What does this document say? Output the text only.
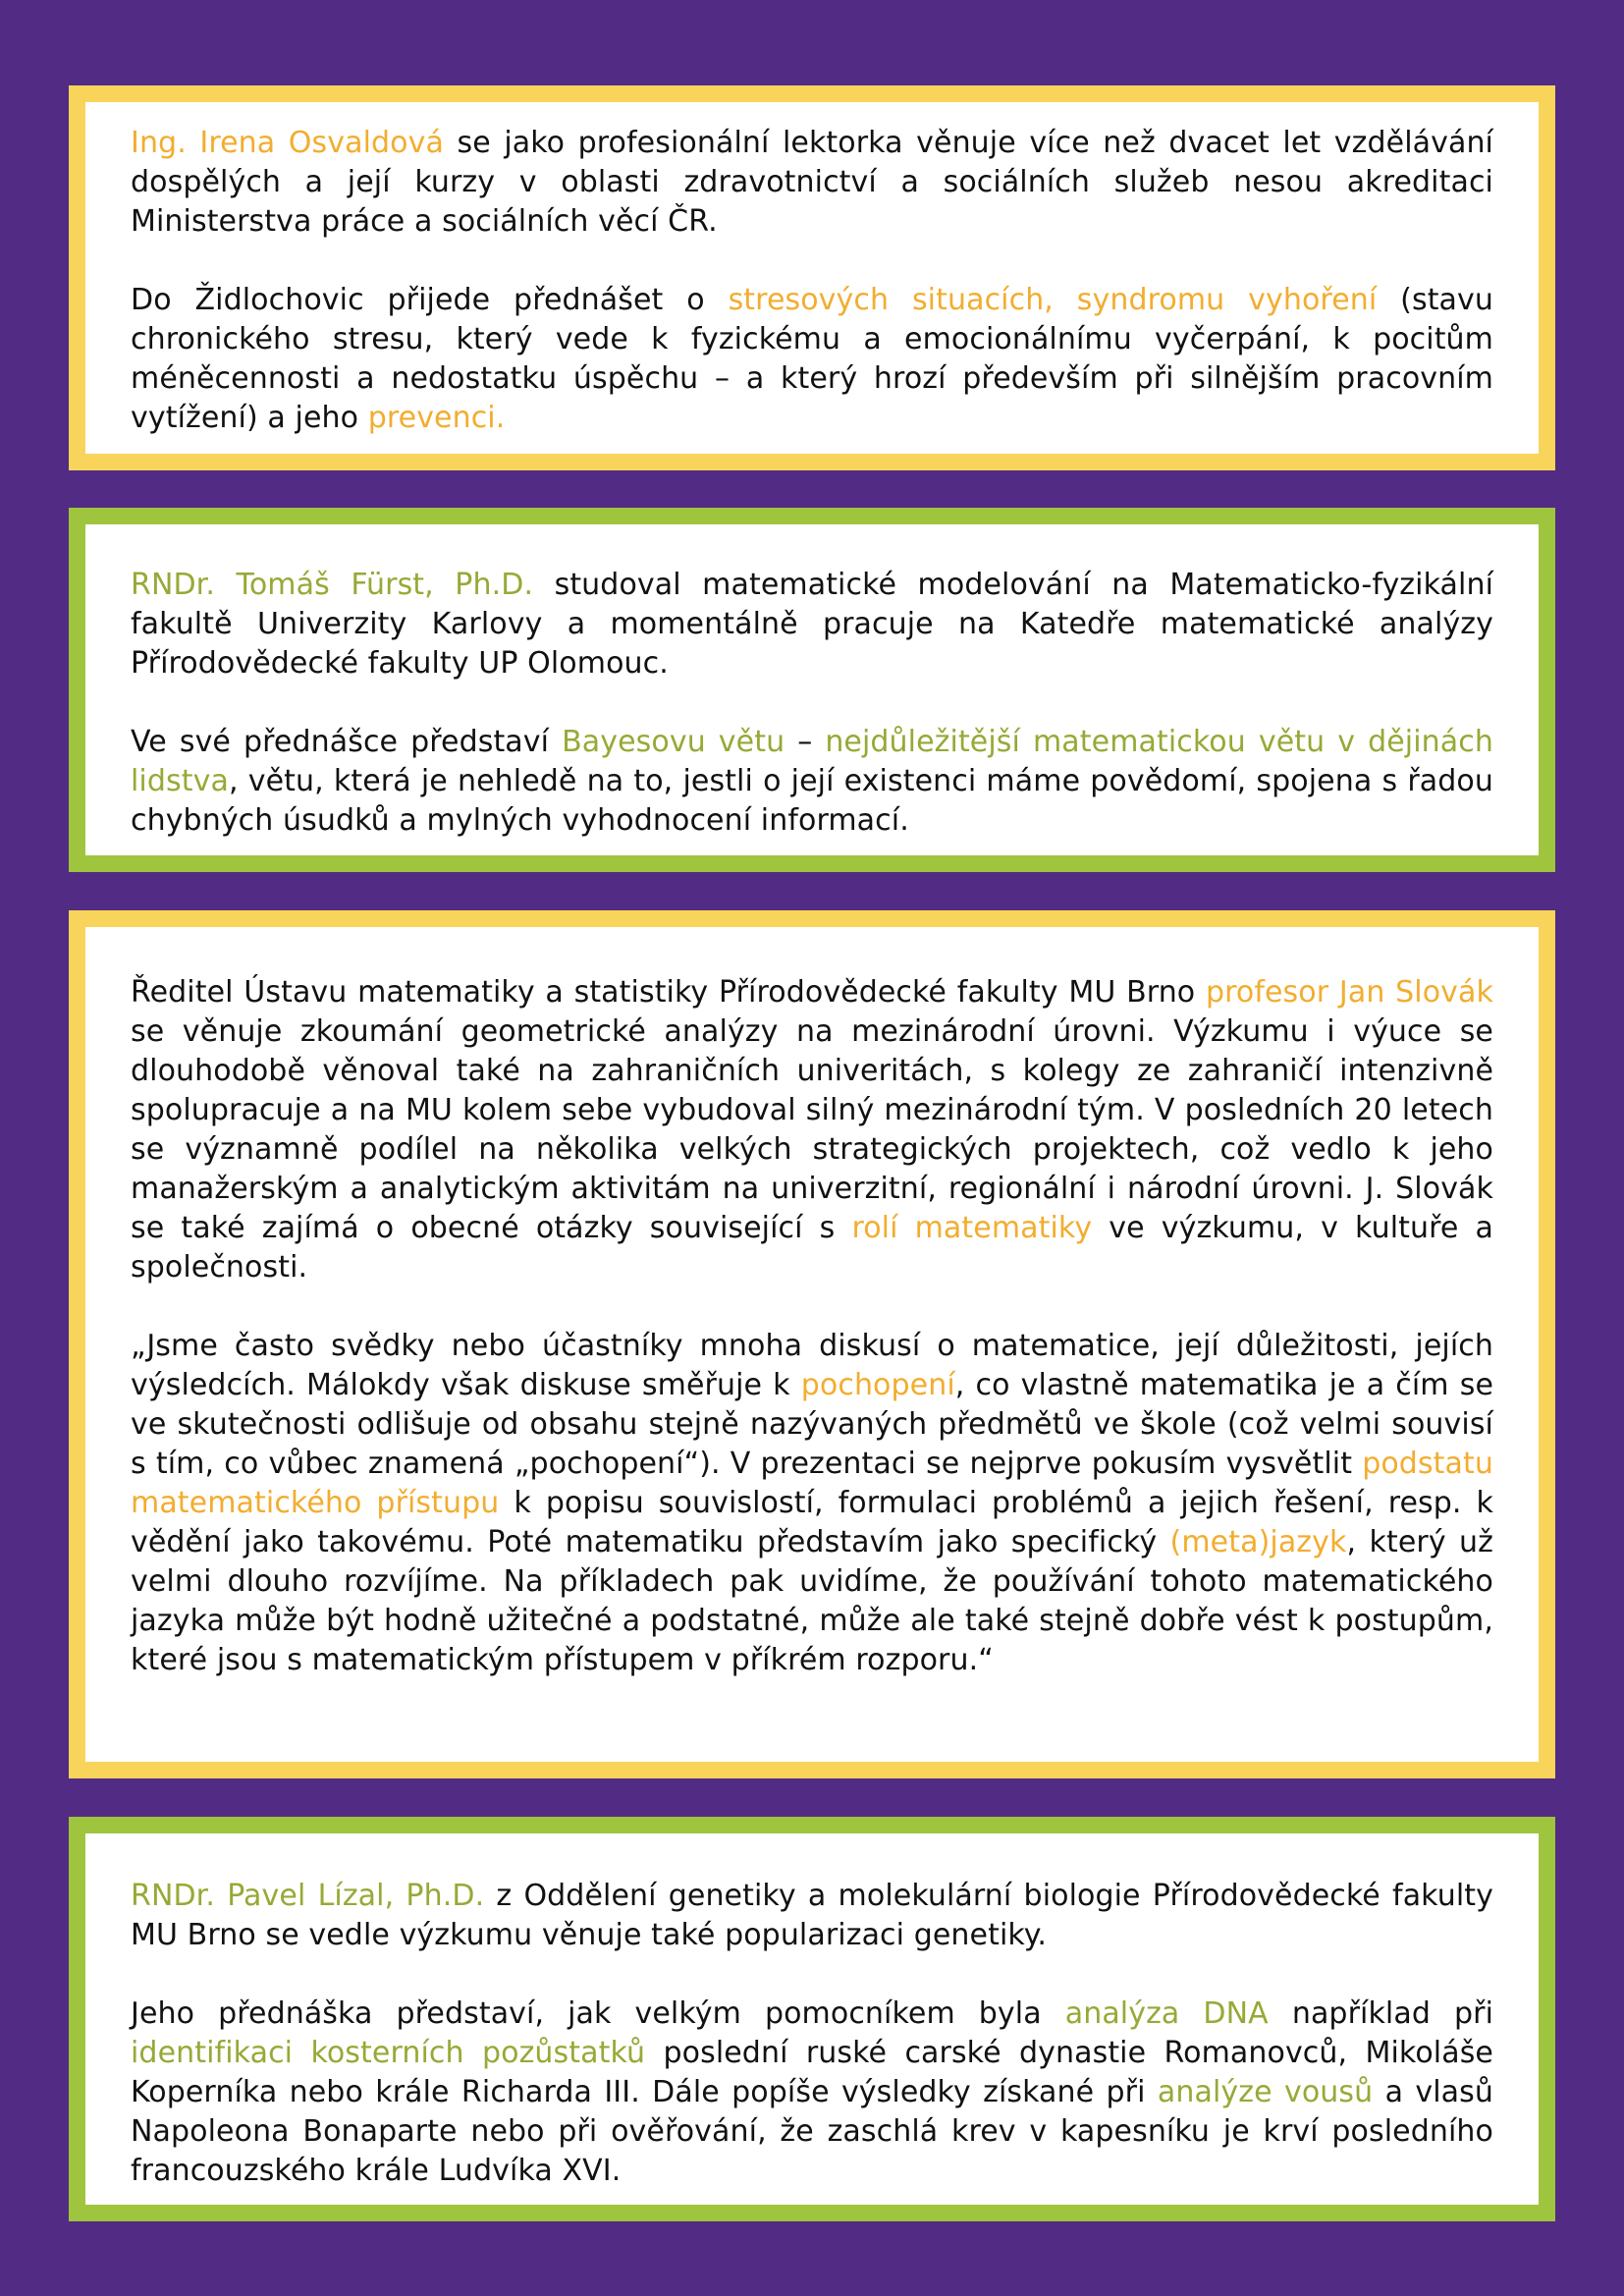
Ing. Irena Osvaldová se jako profesionální lektorka věnuje více než dvacet let vzdělávání dospělých a její kurzy v oblasti zdravotnictví a sociálních služeb nesou akreditaci Ministerstva práce a sociálních věcí ČR.

Do Židlochovic přijede přednášet o stresových situacích, syndromu vyhoření (stavu chronického stresu, který vede k fyzickému a emocionálnímu vyčerpání, k pocitům méněcennosti a nedostatku úspěchu – a který hrozí především při silnějším pracovním vytížení) a jeho prevenci.

RNDr. Tomáš Fürst, Ph.D. studoval matematické modelování na Matematicko-fyzikální fakultě Univerzity Karlovy a momentálně pracuje na Katedře matematické analýzy Přírodovědecké fakulty UP Olomouc.

Ve své přednášce představí Bayesovu větu – nejdůležitější matematickou větu v dějinách lidstva, větu, která je nehledě na to, jestli o její existenci máme povědomí, spojena s řadou chybných úsudků a mylných vyhodnocení informací.

Ředitel Ústavu matematiky a statistiky Přírodovědecké fakulty MU Brno profesor Jan Slovák se věnuje zkoumání geometrické analýzy na mezinárodní úrovni. Výzkumu i výuce se dlouhodobě věnoval také na zahraničních univeritách, s kolegy ze zahraničí intenzivně spolupracuje a na MU kolem sebe vybudoval silný mezinárodní tým. V posledních 20 letech se významně podílel na několika velkých strategických projektech, což vedlo k jeho manažerským a analytickým aktivitám na univerzitní, regionální i národní úrovni. J. Slovák se také zajímá o obecné otázky související s rolí matematiky ve výzkumu, v kultuře a společnosti.

„Jsme často svědky nebo účastníky mnoha diskusí o matematice, její důležitosti, jejích výsledcích. Málokdy však diskuse směřuje k pochopení, co vlastně matematika je a čím se ve skutečnosti odlišuje od obsahu stejně nazývaných předmětů ve škole (což velmi souvisí s tím, co vůbec znamená „pochopení“). V prezentaci se nejprve pokusím vysvětlit podstatu matematického přístupu k popisu souvislostí, formulaci problémů a jejich řešení, resp. k vědění jako takovému. Poté matematiku představím jako specifický (meta)jazyk, který už velmi dlouho rozvíjíme. Na příkladech pak uvidíme, že používání tohoto matematického jazyka může být hodně užitečné a podstatné, může ale také stejně dobře vést k postupům, které jsou s matematickým přístupem v příkrém rozporu.“

RNDr. Pavel Lízal, Ph.D. z Oddělení genetiky a molekulární biologie Přírodovědecké fakulty MU Brno se vedle výzkumu věnuje také popularizaci genetiky.

Jeho přednáška představí, jak velkým pomocníkem byla analýza DNA například při identifikaci kosterních pozůstatků poslední ruské carské dynastie Romanovců, Mikoláše Koperníka nebo krále Richarda III. Dále popíše výsledky získané při analýze vousů a vlasů Napoleona Bonaparte nebo při ověřování, že zaschlá krev v kapesníku je krví posledního francouzského krále Ludvíka XVI.
